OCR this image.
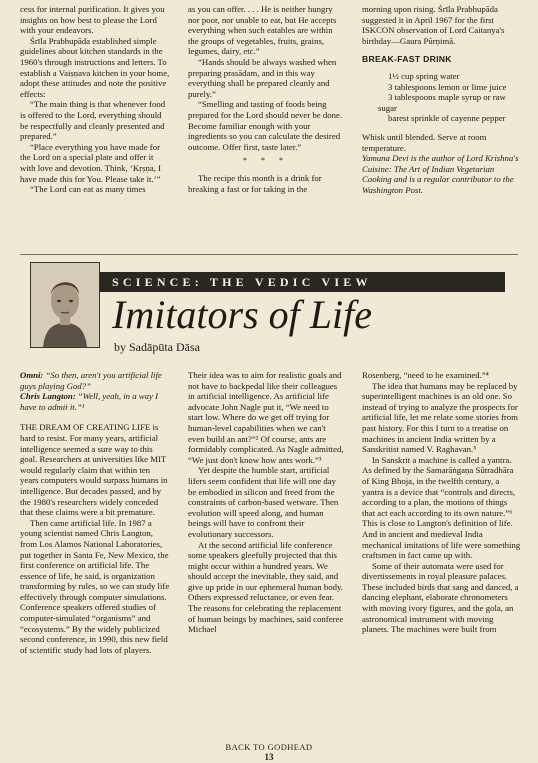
cess for internal purification. It gives you insights on how best to please the Lord with your endeavors.

Śrīla Prabhupāda established simple guidelines about kitchen standards in the 1960's through instructions and letters. To establish a Vaiṣṇava kitchen in your home, adopt these attitudes and note the positive effects:

“The main thing is that whenever food is offered to the Lord, everything should be respectfully and cleanly presented and prepared.”

“Place everything you have made for the Lord on a special plate and offer it with love and devotion. Think, ‘Kṛṣṇa, I have made this for You. Please take it.’”

“The Lord can eat as many times

as you can offer. . . . He is neither hungry nor poor, nor unable to eat, but He accepts everything when such eatables are within the groups of vegetables, fruits, grains, legumes, dairy, etc.”

“Hands should be always washed when preparing prasādam, and in this way everything shall be prepared cleanly and purely.”

“Smelling and tasting of foods being prepared for the Lord should never be done. Become familiar enough with your ingredients so you can calculate the desired outcome. Offer first, taste later.”

* * *

The recipe this month is a drink for breaking a fast or for taking in the

morning upon rising. Śrīla Prabhupāda suggested it in April 1967 for the first ISKCON observation of Lord Caitanya's birthday—Gaura Pūrṇimā.

BREAK-FAST DRINK

1½ cup spring water

3 tablespoons lemon or lime juice

3 tablespoons maple syrup or raw sugar

barest sprinkle of cayenne pepper

Whisk until blended. Serve at room temperature.

Yamuna Devi is the author of Lord Krishna's Cuisine: The Art of Indian Vegetarian Cooking and is a regular contributor to the Washington Post.

SCIENCE: THE VEDIC VIEW
Imitators of Life
by Sadāpūta Dāsa

Omni: “So then, aren't you artificial life guys playing God?”

Chris Langton: “Well, yeah, in a way I have to admit it.”¹

THE DREAM OF CREATING LIFE is hard to resist. For many years, artificial intelligence seemed a sure way to this goal. Researchers at universities like MIT would regularly claim that within ten years computers would surpass humans in intelligence. But decades passed, and by the 1980's researchers widely conceded that these claims were a bit premature.

Then came artificial life. In 1987 a young scientist named Chris Langton, from Los Alamos National Laboratories, put together in Santa Fe, New Mexico, the first conference on artificial life. The essence of life, he said, is organization transforming by rules, so we can study life effectively through computer simulations. Conference speakers offered studies of computer-simulated “organisms” and “ecosystems.” By the widely publicized second conference, in 1990, this new field of scientific study had lots of players.

Their idea was to aim for realistic goals and not have to backpedal like their colleagues in artificial intelligence. As artificial life advocate John Nagle put it, “We need to start low. Where do we get off trying for human-level capabilities when we can't even build an ant?”² Of course, ants are formidably complicated. As Nagle admitted, “We just don't know how ants work.”³

Yet despite the humble start, artificial lifers seem confident that life will one day be embodied in silicon and freed from the constraints of carbon-based wetware. Then evolution will speed along, and human beings will have to confront their evolutionary successors.

At the second artificial life conference some speakers gleefully projected that this might occur within a hundred years. We should accept the inevitable, they said, and give up pride in our ephemeral human body. Others expressed reluctance, or even fear. The reasons for celebrating the replacement of human beings by machines, said conferee Michael

Rosenberg, “need to be examined.”⁴

The idea that humans may be replaced by superintelligent machines is an old one. So instead of trying to analyze the prospects for artificial life, let me relate some stories from past history. For this I turn to a treatise on machines in ancient India written by a Sanskritist named V. Raghavan.⁵

In Sanskrit a machine is called a yantra. As defined by the Samarāṅgaṇa Sūtradhāra of King Bhoja, in the twelfth century, a yantra is a device that “controls and directs, according to a plan, the motions of things that act each according to its own nature.”⁶ This is close to Langton's definition of life. And in ancient and medieval India mechanical imitations of life were something craftsmen in fact came up with.

Some of their automata were used for divertissements in royal pleasure palaces. These included birds that sang and danced, a dancing elephant, elaborate chronometers with moving ivory figures, and the gola, an astronomical instrument with moving planets. The machines were built from

BACK TO GODHEAD
13
